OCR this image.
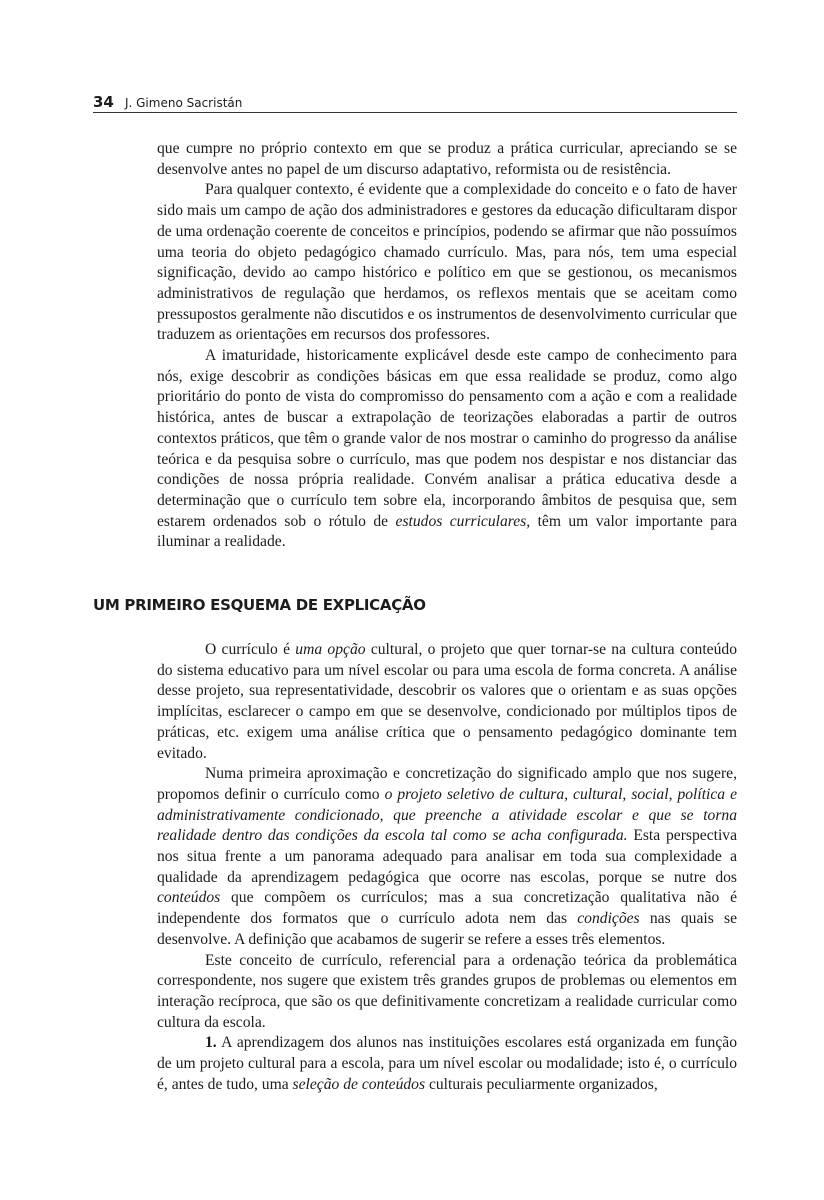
34 J. Gimeno Sacristán

que cumpre no próprio contexto em que se produz a prática curricular, apreciando se se desenvolve antes no papel de um discurso adaptativo, reformista ou de resistência.

Para qualquer contexto, é evidente que a complexidade do conceito e o fato de haver sido mais um campo de ação dos administradores e gestores da educação dificultaram dispor de uma ordenação coerente de conceitos e princípios, podendo se afirmar que não possuímos uma teoria do objeto pedagógico chamado currículo. Mas, para nós, tem uma especial significação, devido ao campo histórico e político em que se gestionou, os mecanismos administrativos de regulação que herdamos, os reflexos mentais que se aceitam como pressupostos geralmente não discutidos e os instrumentos de desenvolvimento curricular que traduzem as orientações em recursos dos professores.

A imaturidade, historicamente explicável desde este campo de conhecimento para nós, exige descobrir as condições básicas em que essa realidade se produz, como algo prioritário do ponto de vista do compromisso do pensamento com a ação e com a realidade histórica, antes de buscar a extrapolação de teorizações elaboradas a partir de outros contextos práticos, que têm o grande valor de nos mostrar o caminho do progresso da análise teórica e da pesquisa sobre o currículo, mas que podem nos despistar e nos distanciar das condições de nossa própria realidade. Convém analisar a prática educativa desde a determinação que o currículo tem sobre ela, incorporando âmbitos de pesquisa que, sem estarem ordenados sob o rótulo de estudos curriculares, têm um valor importante para iluminar a realidade.

UM PRIMEIRO ESQUEMA DE EXPLICAÇÃO

O currículo é uma opção cultural, o projeto que quer tornar-se na cultura conteúdo do sistema educativo para um nível escolar ou para uma escola de forma concreta. A análise desse projeto, sua representatividade, descobrir os valores que o orientam e as suas opções implícitas, esclarecer o campo em que se desenvolve, condicionado por múltiplos tipos de práticas, etc. exigem uma análise crítica que o pensamento pedagógico dominante tem evitado.

Numa primeira aproximação e concretização do significado amplo que nos sugere, propomos definir o currículo como o projeto seletivo de cultura, cultural, social, política e administrativamente condicionado, que preenche a atividade escolar e que se torna realidade dentro das condições da escola tal como se acha configurada. Esta perspectiva nos situa frente a um panorama adequado para analisar em toda sua complexidade a qualidade da aprendizagem pedagógica que ocorre nas escolas, porque se nutre dos conteúdos que compõem os currículos; mas a sua concretização qualitativa não é independente dos formatos que o currículo adota nem das condições nas quais se desenvolve. A definição que acabamos de sugerir se refere a esses três elementos.

Este conceito de currículo, referencial para a ordenação teórica da problemática correspondente, nos sugere que existem três grandes grupos de problemas ou elementos em interação recíproca, que são os que definitivamente concretizam a realidade curricular como cultura da escola.

1. A aprendizagem dos alunos nas instituições escolares está organizada em função de um projeto cultural para a escola, para um nível escolar ou modalidade; isto é, o currículo é, antes de tudo, uma seleção de conteúdos culturais peculiarmente organizados,
